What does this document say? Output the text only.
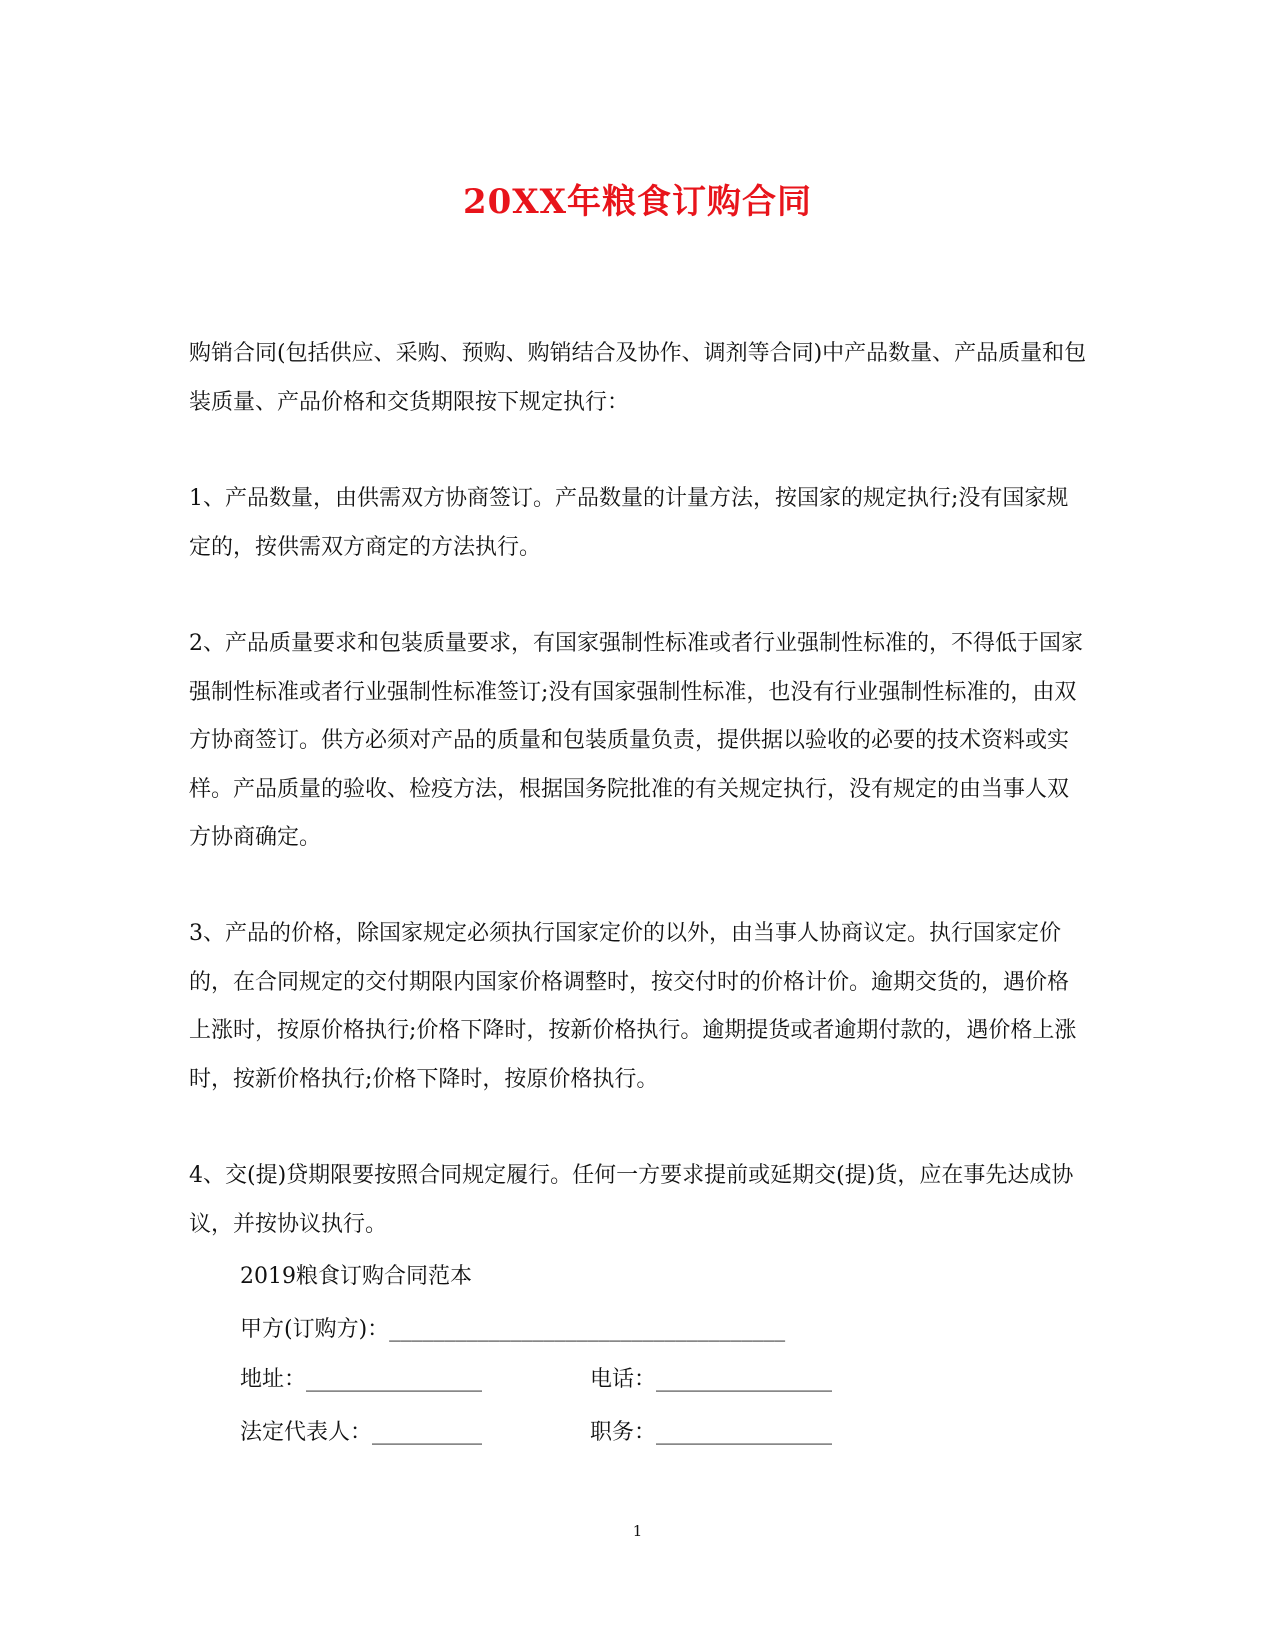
20XX年粮食订购合同

购销合同(包括供应、采购、预购、购销结合及协作、调剂等合同)中产品数量、产品质量和包装质量、产品价格和交货期限按下规定执行：

1、产品数量，由供需双方协商签订。产品数量的计量方法，按国家的规定执行;没有国家规定的，按供需双方商定的方法执行。

2、产品质量要求和包装质量要求，有国家强制性标准或者行业强制性标准的，不得低于国家强制性标准或者行业强制性标准签订;没有国家强制性标准，也没有行业强制性标准的，由双方协商签订。供方必须对产品的质量和包装质量负责，提供据以验收的必要的技术资料或实样。产品质量的验收、检疫方法，根据国务院批准的有关规定执行，没有规定的由当事人双方协商确定。

3、产品的价格，除国家规定必须执行国家定价的以外，由当事人协商议定。执行国家定价的，在合同规定的交付期限内国家价格调整时，按交付时的价格计价。逾期交货的，遇价格上涨时，按原价格执行;价格下降时，按新价格执行。逾期提货或者逾期付款的，遇价格上涨时，按新价格执行;价格下降时，按原价格执行。

4、交(提)贷期限要按照合同规定履行。任何一方要求提前或延期交(提)货，应在事先达成协议，并按协议执行。

2019粮食订购合同范本
甲方(订购方)：____________________________________
地址：________________	电话：________________
法定代表人：__________	职务：________________
1
